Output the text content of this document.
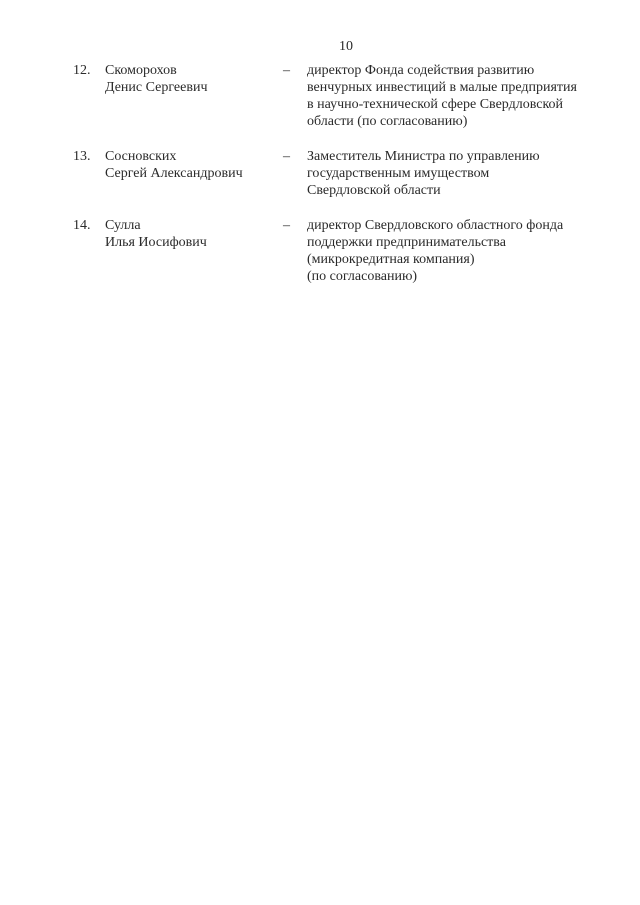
10
12. Скоморохов
Денис Сергеевич
– директор Фонда содействия развитию
венчурных инвестиций в малые предприятия
в научно-технической сфере Свердловской
области (по согласованию)
13. Сосновских
Сергей Александрович
– Заместитель Министра по управлению
государственным имуществом
Свердловской области
14. Сулла
Илья Иосифович
– директор Свердловского областного фонда
поддержки предпринимательства
(микрокредитная компания)
(по согласованию)
